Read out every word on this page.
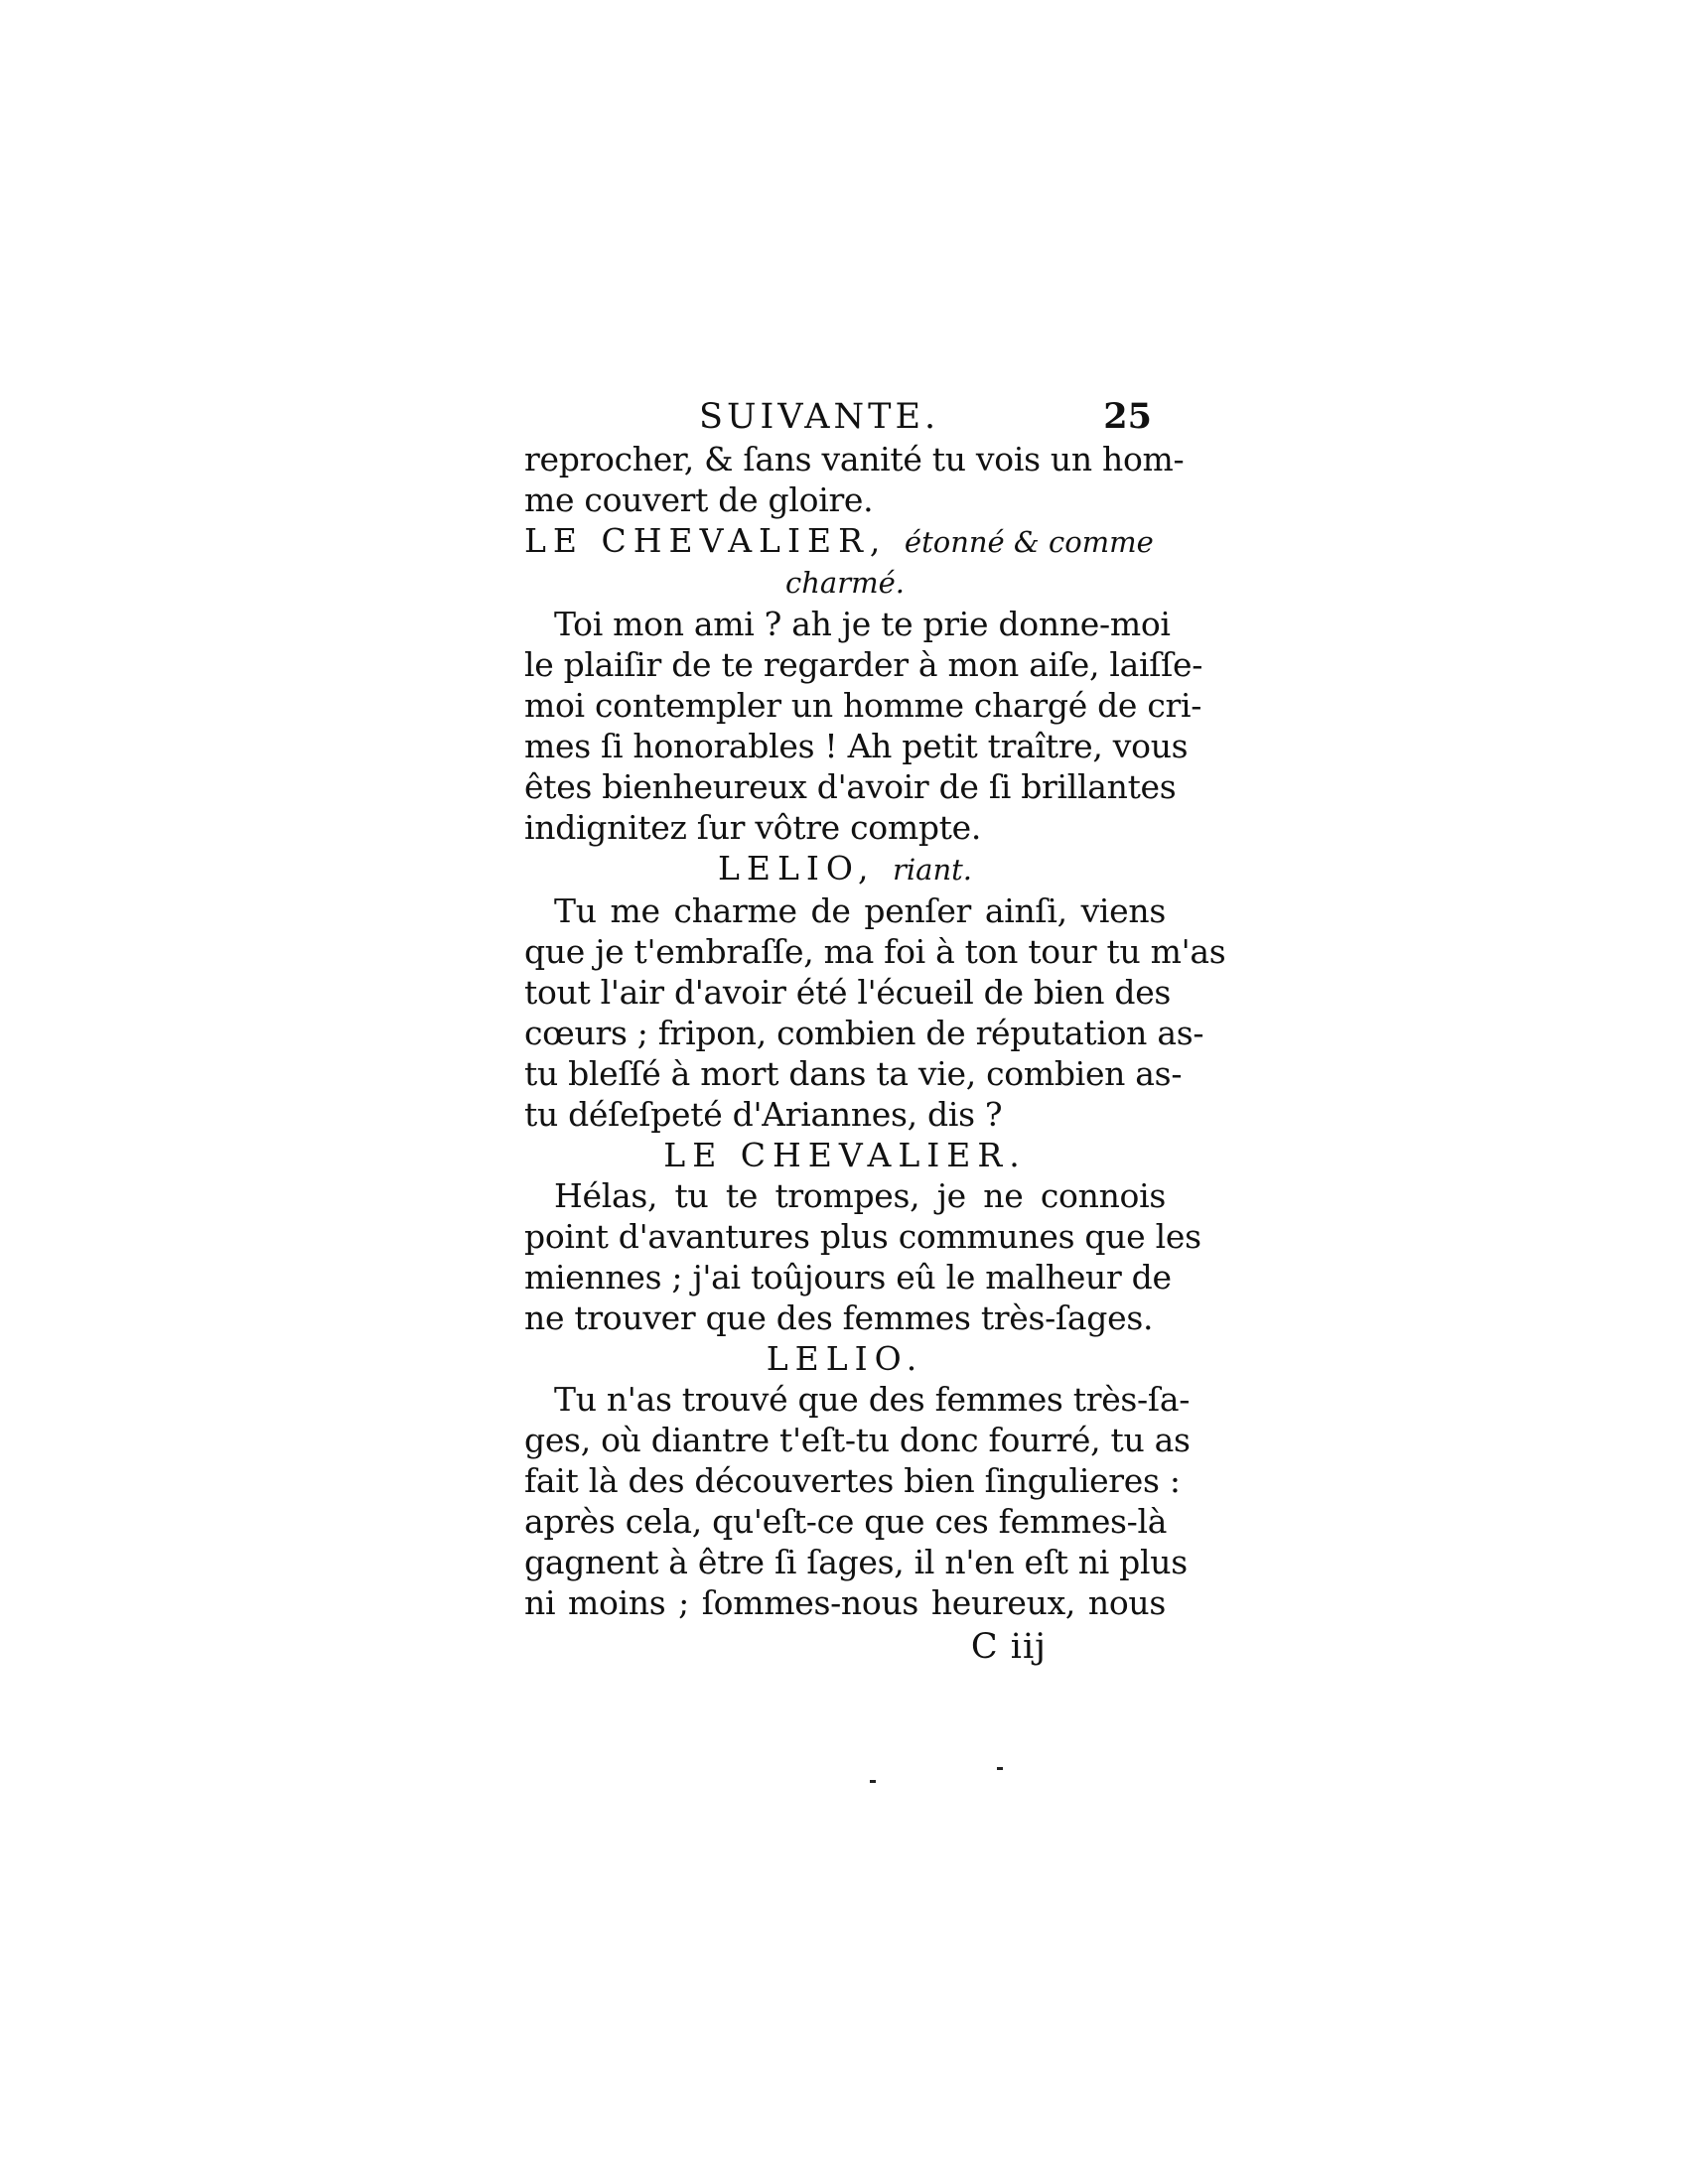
SUIVANTE.	25
reprocher, & ſans vanité tu vois un hom-
me couvert de gloire.
LE CHEVALIER, étonné & comme
charmé.
Toi mon ami ? ah je te prie donne-moi
le plaiſir de te regarder à mon aiſe, laiſſe-
moi contempler un homme chargé de cri-
mes ſi honorables ! Ah petit traître, vous
êtes bienheureux d'avoir de ſi brillantes
indignitez ſur vôtre compte.
LELIO, riant.
Tu me charme de penſer ainſi, viens
que je t'embraſſe, ma foi à ton tour tu m'as
tout l'air d'avoir été l'écueil de bien des
cœurs ; fripon, combien de réputation as-
tu bleſſé à mort dans ta vie, combien as-
tu déſeſpeté d'Ariannes, dis ?
LE CHEVALIER.
Hélas, tu te trompes, je ne connois
point d'avantures plus communes que les
miennes ; j'ai toûjours eû le malheur de
ne trouver que des femmes très-ſages.
LELIO.
Tu n'as trouvé que des femmes très-ſa-
ges, où diantre t'eſt-tu donc fourré, tu as
fait là des découvertes bien ſingulieres :
après cela, qu'eſt-ce que ces femmes-là
gagnent à être ſi ſages, il n'en eſt ni plus
ni moins ; ſommes-nous heureux, nous
C iij
